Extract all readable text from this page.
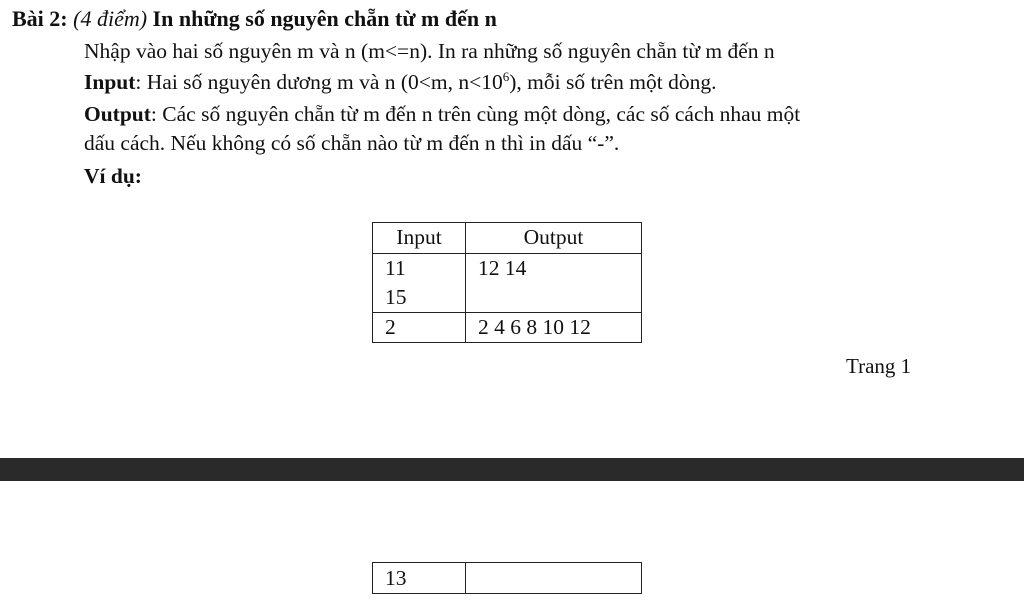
Bài 2: (4 điểm) In những số nguyên chẵn từ m đến n
Nhập vào hai số nguyên m và n (m<=n). In ra những số nguyên chẵn từ m đến n
Input: Hai số nguyên dương m và n (0<m, $n<10^6$), mỗi số trên một dòng.
Output: Các số nguyên chẵn từ m đến n trên cùng một dòng, các số cách nhau một
dấu cách. Nếu không có số chẵn nào từ m đến n thì in dấu “-”.
Ví dụ:
Input	Output

11
15	12 14

2	2 4 6 8 10 12
Trang 1
13	
